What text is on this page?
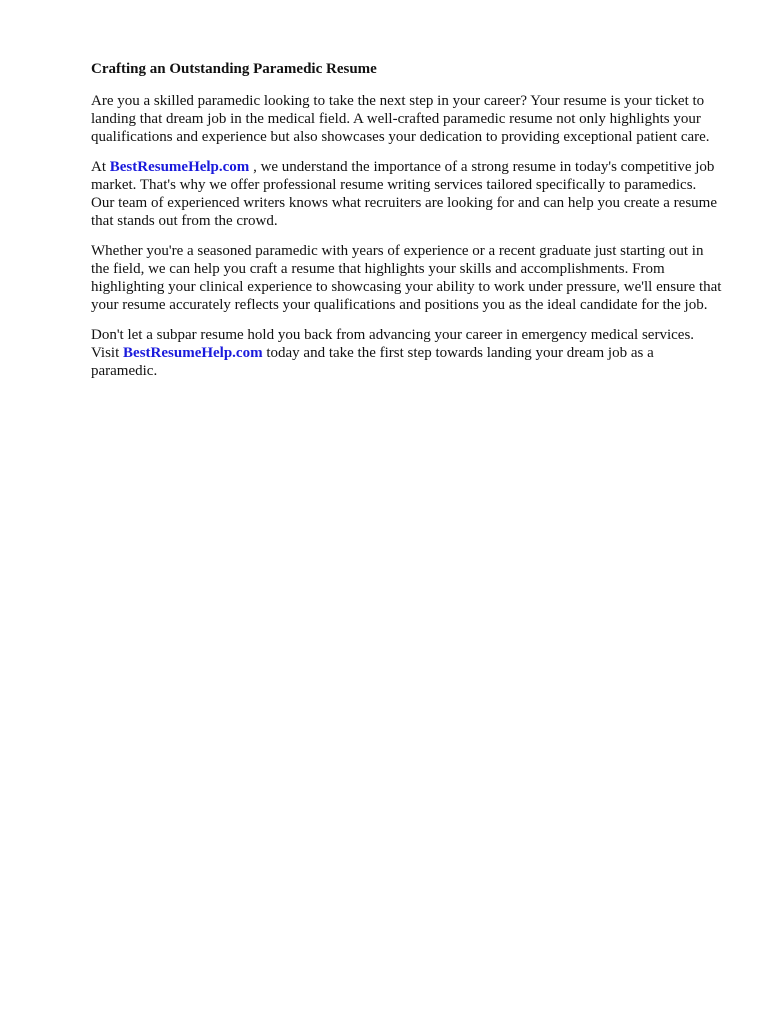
Crafting an Outstanding Paramedic Resume

Are you a skilled paramedic looking to take the next step in your career? Your resume is your ticket to landing that dream job in the medical field. A well-crafted paramedic resume not only highlights your qualifications and experience but also showcases your dedication to providing exceptional patient care.

At BestResumeHelp.com , we understand the importance of a strong resume in today's competitive job market. That's why we offer professional resume writing services tailored specifically to paramedics. Our team of experienced writers knows what recruiters are looking for and can help you create a resume that stands out from the crowd.

Whether you're a seasoned paramedic with years of experience or a recent graduate just starting out in the field, we can help you craft a resume that highlights your skills and accomplishments. From highlighting your clinical experience to showcasing your ability to work under pressure, we'll ensure that your resume accurately reflects your qualifications and positions you as the ideal candidate for the job.

Don't let a subpar resume hold you back from advancing your career in emergency medical services. Visit BestResumeHelp.com today and take the first step towards landing your dream job as a paramedic.
